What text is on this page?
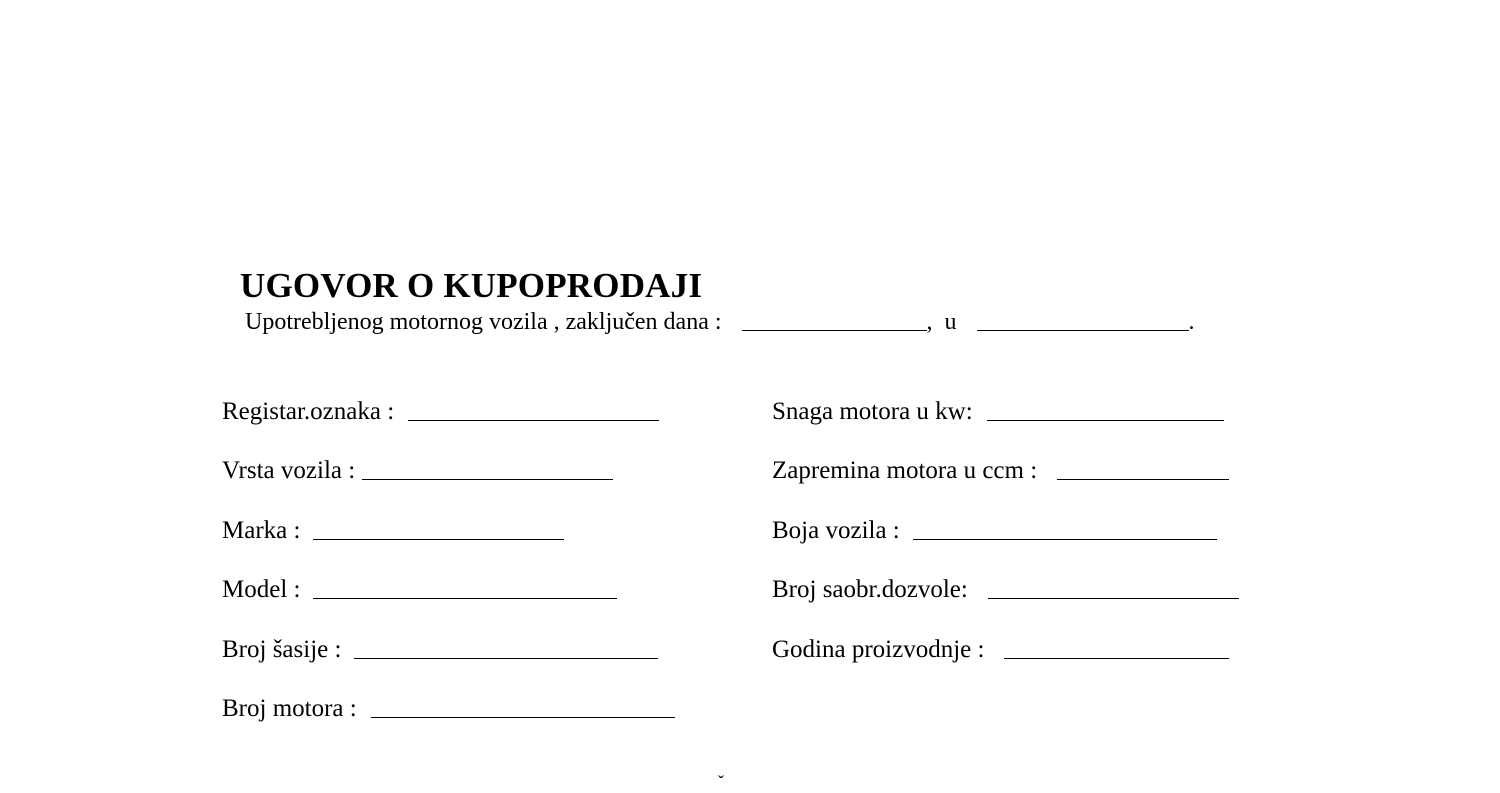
UGOVOR O KUPOPRODAJI
Upotrebljenog motornog vozila , zaključen dana :	,  u	.
Registar.oznaka :
Vrsta vozila :
Marka :
Model :
Broj šasije :
Broj motora :
Snaga motora u kw:
Zapremina motora u ccm :
Boja vozila :
Broj saobr.dozvole:
Godina proizvodnje :
ˇ
